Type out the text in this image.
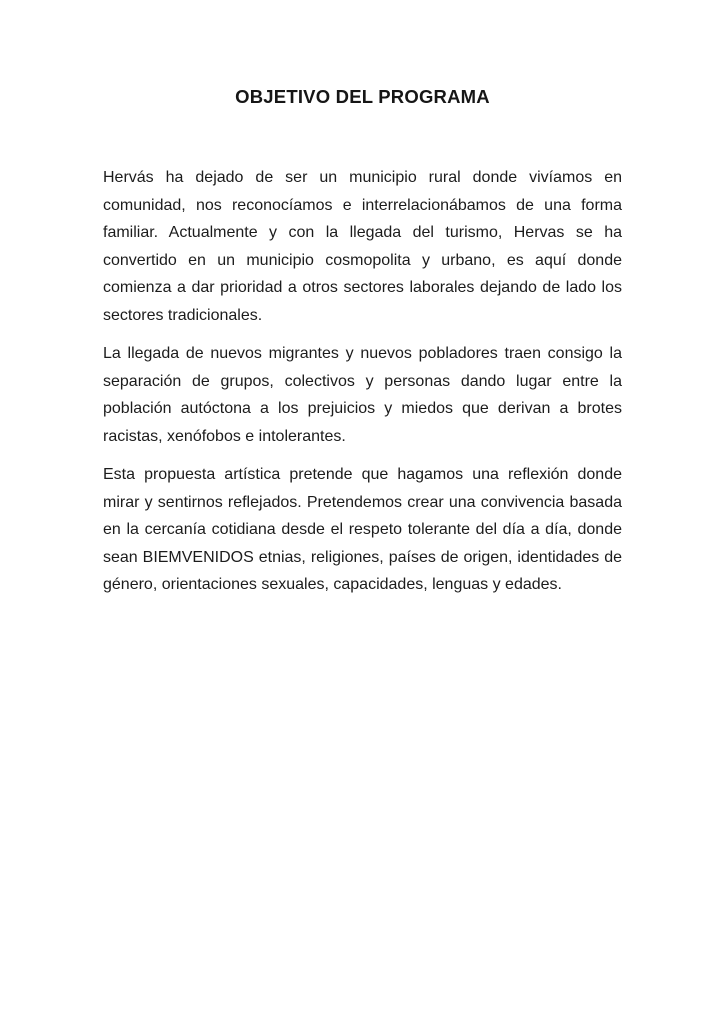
OBJETIVO DEL PROGRAMA

Hervás ha dejado de ser un municipio rural donde vivíamos en comunidad, nos reconocíamos e interrelacionábamos de una forma familiar. Actualmente y con la llegada del turismo, Hervas se ha convertido en un municipio cosmopolita y urbano, es aquí donde comienza a dar prioridad a otros sectores laborales dejando de lado los sectores tradicionales.

La llegada de nuevos migrantes y nuevos pobladores traen consigo la separación de grupos, colectivos y personas dando lugar entre la población autóctona a los prejuicios y miedos que derivan a brotes racistas, xenófobos e intolerantes.

Esta propuesta artística pretende que hagamos una reflexión donde mirar y sentirnos reflejados. Pretendemos crear una convivencia basada en la cercanía cotidiana desde el respeto tolerante del día a día, donde sean BIEMVENIDOS etnias, religiones, países de origen, identidades de género, orientaciones sexuales, capacidades, lenguas y edades.
